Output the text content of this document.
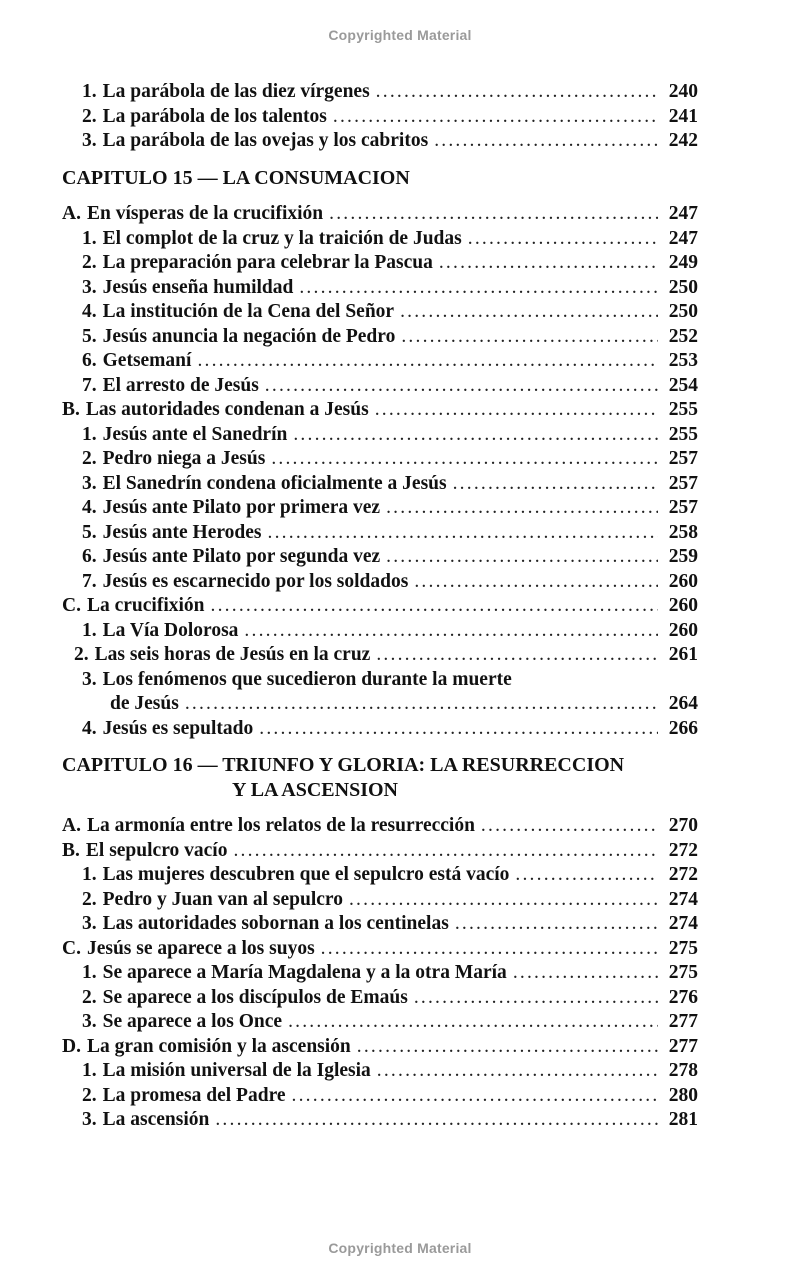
Copyrighted Material
1. La parábola de las diez vírgenes .....	240
2. La parábola de los talentos .....	241
3. La parábola de las ovejas y los cabritos .....	242
CAPITULO 15 — LA CONSUMACION
A. En vísperas de la crucifixión .....	247
1. El complot de la cruz y la traición de Judas .....	247
2. La preparación para celebrar la Pascua .....	249
3. Jesús enseña humildad .....	250
4. La institución de la Cena del Señor .....	250
5. Jesús anuncia la negación de Pedro .....	252
6. Getsemaní .....	253
7. El arresto de Jesús .....	254
B. Las autoridades condenan a Jesús .....	255
1. Jesús ante el Sanedrín .....	255
2. Pedro niega a Jesús .....	257
3. El Sanedrín condena oficialmente a Jesús .....	257
4. Jesús ante Pilato por primera vez .....	257
5. Jesús ante Herodes .....	258
6. Jesús ante Pilato por segunda vez .....	259
7. Jesús es escarnecido por los soldados .....	260
C. La crucifixión .....	260
1. La Vía Dolorosa .....	260
2. Las seis horas de Jesús en la cruz .....	261
3. Los fenómenos que sucedieron durante la muerte
de Jesús .....	264
4. Jesús es sepultado .....	266
CAPITULO 16 — TRIUNFO Y GLORIA: LA RESURRECCION
Y LA ASCENSION
A. La armonía entre los relatos de la resurrección .....	270
B. El sepulcro vacío .....	272
1. Las mujeres descubren que el sepulcro está vacío .....	272
2. Pedro y Juan van al sepulcro .....	274
3. Las autoridades sobornan a los centinelas .....	274
C. Jesús se aparece a los suyos .....	275
1. Se aparece a María Magdalena y a la otra María .....	275
2. Se aparece a los discípulos de Emaús .....	276
3. Se aparece a los Once .....	277
D. La gran comisión y la ascensión .....	277
1. La misión universal de la Iglesia .....	278
2. La promesa del Padre .....	280
3. La ascensión .....	281
Copyrighted Material
